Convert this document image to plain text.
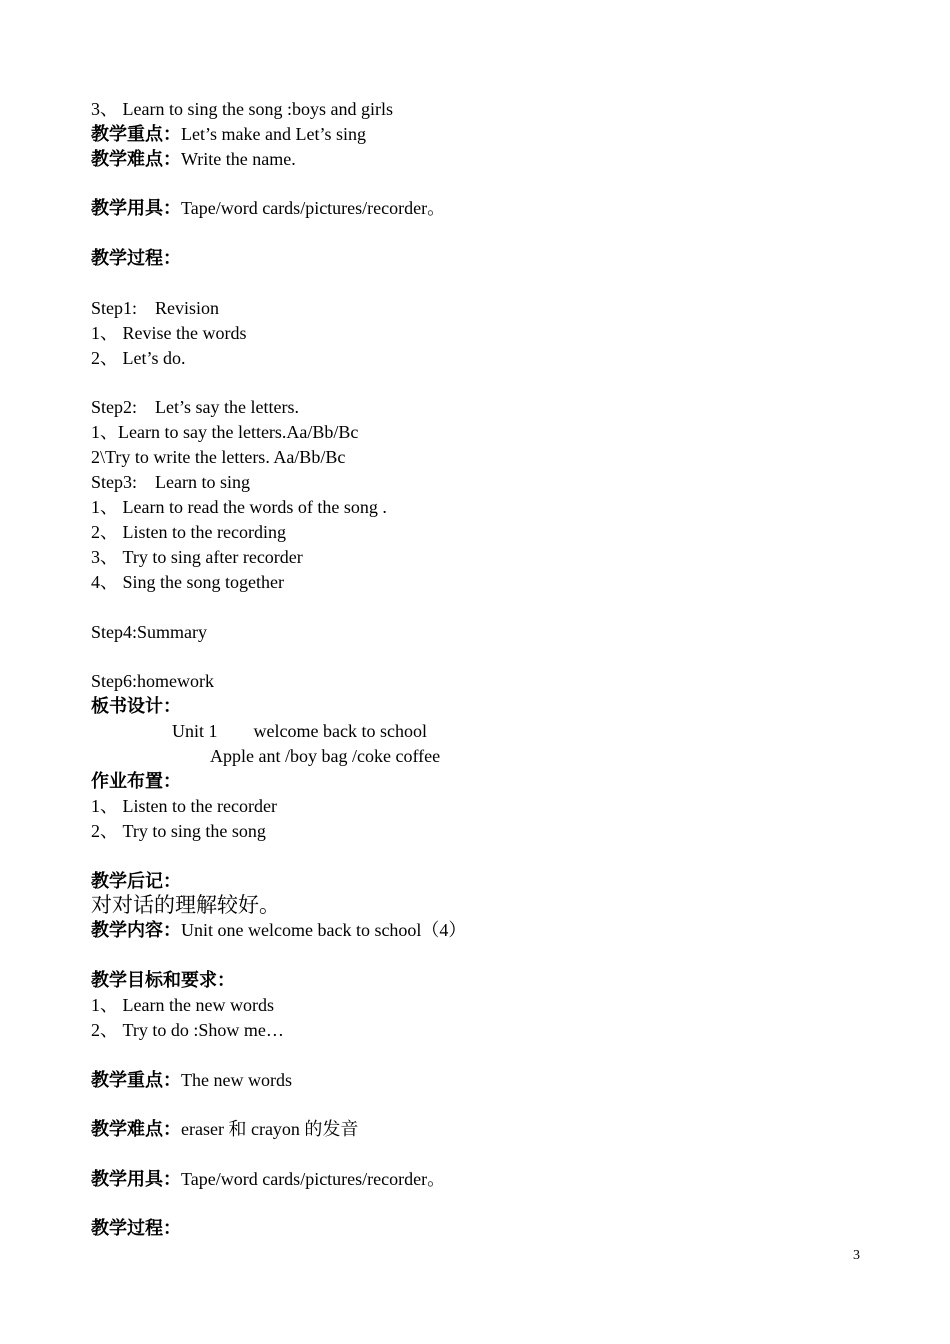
3、 Learn to sing the song :boys and girls
教学重点：Let’s make and Let’s sing
教学难点：Write the name.
教学用具：Tape/word cards/pictures/recorder。
教学过程：
Step1:    Revision
1、 Revise the words
2、 Let’s do.
Step2:    Let’s say the letters.
1、Learn to say the letters.Aa/Bb/Bc
2\Try to write the letters. Aa/Bb/Bc
Step3:    Learn to sing
1、 Learn to read the words of the song .
2、 Listen to the recording
3、 Try to sing after recorder
4、 Sing the song together
Step4:Summary
Step6:homework
板书设计：
Unit 1        welcome back to school
Apple ant /boy bag /coke coffee
作业布置：
1、 Listen to the recorder
2、 Try to sing the song
教学后记：
对对话的理解较好。
教学内容：Unit one welcome back to school（4）
教学目标和要求：
1、 Learn the new words
2、 Try to do :Show me…
教学重点：The new words
教学难点：eraser 和 crayon 的发音
教学用具：Tape/word cards/pictures/recorder。
教学过程：
3
